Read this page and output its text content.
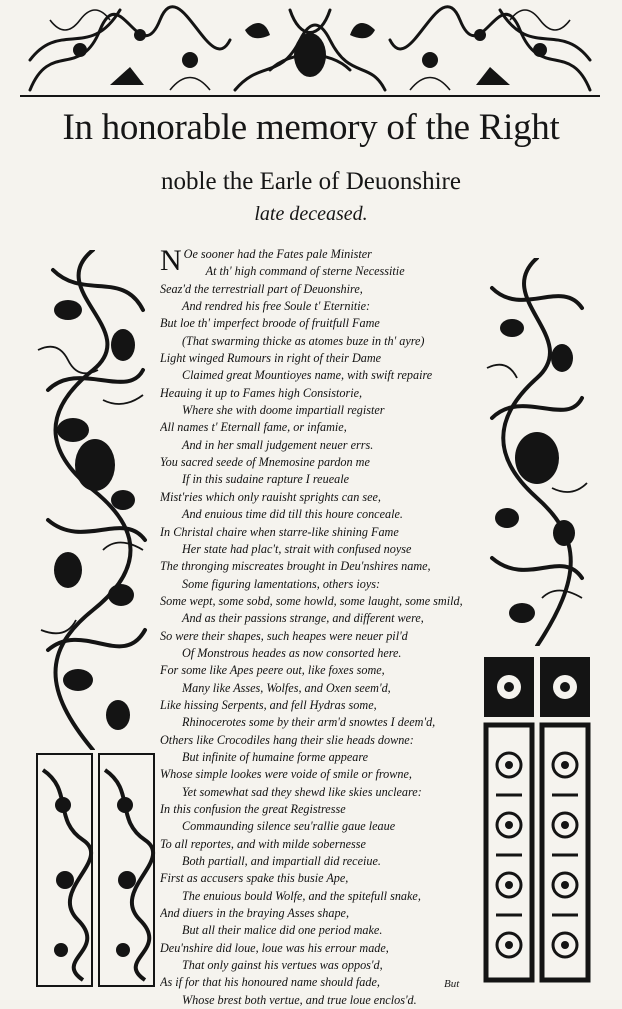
In honorable memory of the Right
noble the Earle of Deuonshire
late deceased.
N Oe sooner had the Fates pale Minister
At th' high command of sterne Necessitie
Seaz'd the terrestriall part of Deuonshire,
And rendred his free Soule t' Eternitie:
But loe th' imperfect broode of fruitfull Fame
(That swarming thicke as atomes buze in th' ayre)
Light winged Rumours in right of their Dame
Claimed great Mountioyes name, with swift repaire
Heauing it up to Fames high Consistorie,
Where she with doome impartiall register
All names t' Eternall fame, or infamie,
And in her small judgement neuer errs.
You sacred seede of Mnemosine pardon me
If in this sudaine rapture I reueale
Mist'ries which only rauisht sprights can see,
And enuious time did till this houre conceale.
In Christal chaire when starre-like shining Fame
Her state had plac't, strait with confused noyse
The thronging miscreates brought in Deu'nshires name,
Some figuring lamentations, others ioys:
Some wept, some sobd, some howld, some laught, some smild,
And as their passions strange, and different were,
So were their shapes, such heapes were neuer pil'd
Of Monstrous heades as now consorted here.
For some like Apes peere out, like foxes some,
Many like Asses, Wolfes, and Oxen seem'd,
Like hissing Serpents, and fell Hydras some,
Rhinocerotes some by their arm'd snowtes I deem'd,
Others like Crocodiles hang their slie heads downe:
But infinite of humaine forme appeare
Whose simple lookes were voide of smile or frowne,
Yet somewhat sad they shewd like skies uncleare:
In this confusion the great Registresse
Commaunding silence seu'rallie gaue leaue
To all reportes, and with milde sobernesse
Both partiall, and impartiall did receiue.
First as accusers spake this busie Ape,
The enuious bould Wolfe, and the spitefull snake,
And diuers in the braying Asses shape,
But all their malice did one period make.
Deu'nshire did loue, loue was his errour made,
That only gainst his vertues was oppos'd,
As if for that his honoured name should fade,
Whose brest both vertue, and true loue enclos'd.
But
